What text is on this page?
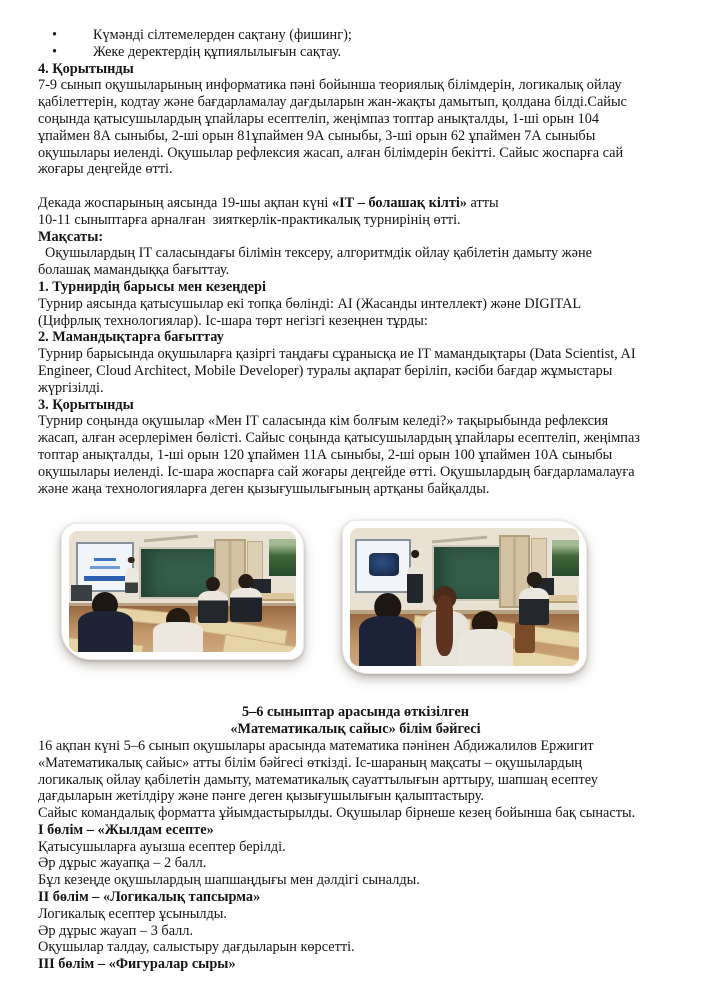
•	Күмәнді сілтемелерден сақтану (фишинг);
•	Жеке деректердің құпиялылығын сақтау.
4. Қорытынды
7-9 сынып оқушыларының информатика пәні бойынша теориялық білімдерін, логикалық ойлау
қабілеттерін, кодтау және бағдарламалау дағдыларын жан-жақты дамытып, қолдана білді.Сайыс
соңында қатысушылардың ұпайлары есептеліп, жеңімпаз топтар анықталды, 1-ші орын 104
ұпаймен 8А сыныбы, 2-ші орын 81ұпаймен 9А сыныбы, 3-ші орын 62 ұпаймен 7А сыныбы
оқушылары иеленді. Оқушылар рефлексия жасап, алған білімдерін бекітті. Сайыс жоспарға сай
жоғары деңгейде өтті.
Декада жоспарының аясында 19-шы ақпан күні «ІТ – болашақ кілті» атты
10-11 сыныптарға арналған  зияткерлік-практикалық турнирінің өтті.
Мақсаты:
Оқушылардың ІТ саласындағы білімін тексеру, алгоритмдік ойлау қабілетін дамыту және
болашақ мамандыққа бағыттау.
1. Турнирдің барысы мен кезеңдері
Турнир аясында қатысушылар екі топқа бөлінді: АІ (Жасанды интеллект) және DIGITAL
(Цифрлық технологиялар). Іс-шара төрт негізгі кезеңнен тұрды:
2. Мамандықтарға бағыттау
Турнир барысында оқушыларға қазіргі таңдағы сұранысқа ие ІТ мамандықтары (Data Scientist, AI
Engineer, Cloud Architect, Mobile Developer) туралы ақпарат беріліп, кәсіби бағдар жұмыстары
жүргізілді.
3. Қорытынды
Турнир соңында оқушылар «Мен ІТ саласында кім болғым келеді?» тақырыбында рефлексия
жасап, алған әсерлерімен бөлісті. Сайыс соңында қатысушылардың ұпайлары есептеліп, жеңімпаз
топтар анықталды, 1-ші орын 120 ұпаймен 11А сыныбы, 2-ші орын 100 ұпаймен 10А сыныбы
оқушылары иеленді. Іс-шара жоспарға сай жоғары деңгейде өтті. Оқушылардың бағдарламалауға
және жаңа технологияларға деген қызығушылығының артқаны байқалды.
5–6 сыныптар арасында өткізілген
«Математикалық сайыс» білім бәйгесі
16 ақпан күні 5–6 сынып оқушылары арасында математика пәнінен Абдижалилов Ержигит
«Математикалық сайыс» атты білім бәйгесі өткізді. Іс-шараның мақсаты – оқушылардың
логикалық ойлау қабілетін дамыту, математикалық сауаттылығын арттыру, шапшаң есептеу
дағдыларын жетілдіру және пәнге деген қызығушылығын қалыптастыру.
Сайыс командалық форматта ұйымдастырылды. Оқушылар бірнеше кезең бойынша бақ сынасты.
І бөлім – «Жылдам есепте»
Қатысушыларға ауызша есептер берілді.
Әр дұрыс жауапқа – 2 балл.
Бұл кезеңде оқушылардың шапшаңдығы мен дәлдігі сыналды.
ІІ бөлім – «Логикалық тапсырма»
Логикалық есептер ұсынылды.
Әр дұрыс жауап – 3 балл.
Оқушылар талдау, салыстыру дағдыларын көрсетті.
ІІІ бөлім – «Фигуралар сыры»
